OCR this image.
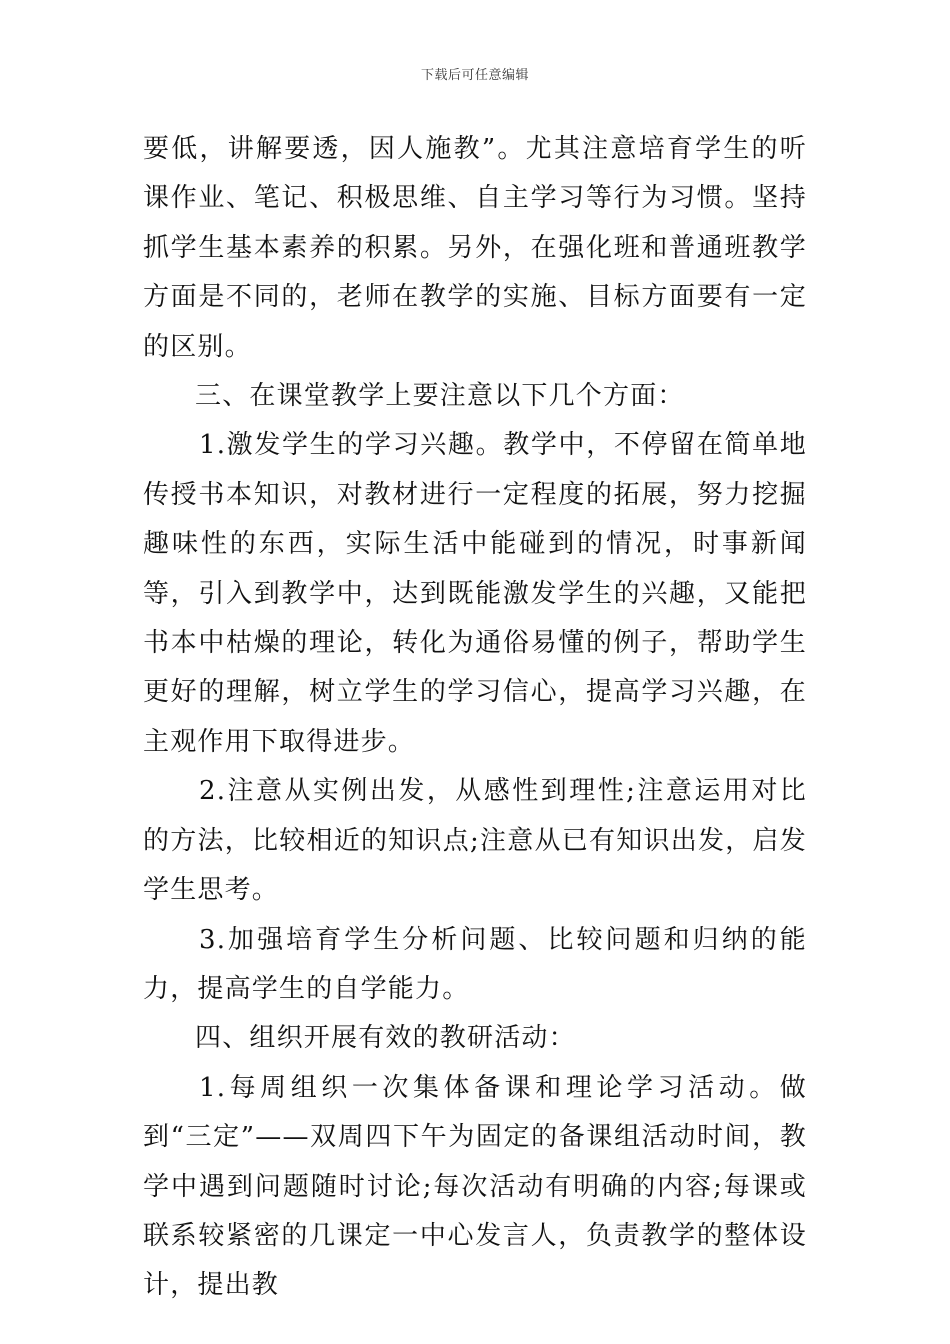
下载后可任意编辑

要低，讲解要透，因人施教”。尤其注意培育学生的听课作业、笔记、积极思维、自主学习等行为习惯。坚持抓学生基本素养的积累。另外，在强化班和普通班教学方面是不同的，老师在教学的实施、目标方面要有一定的区别。

三、在课堂教学上要注意以下几个方面：

1.激发学生的学习兴趣。教学中，不停留在简单地传授书本知识，对教材进行一定程度的拓展，努力挖掘趣味性的东西，实际生活中能碰到的情况，时事新闻等，引入到教学中，达到既能激发学生的兴趣，又能把书本中枯燥的理论，转化为通俗易懂的例子，帮助学生更好的理解，树立学生的学习信心，提高学习兴趣，在主观作用下取得进步。

2.注意从实例出发，从感性到理性;注意运用对比的方法，比较相近的知识点;注意从已有知识出发，启发学生思考。

3.加强培育学生分析问题、比较问题和归纳的能力，提高学生的自学能力。

四、组织开展有效的教研活动：

1.每周组织一次集体备课和理论学习活动。做到“三定”——双周四下午为固定的备课组活动时间，教学中遇到问题随时讨论;每次活动有明确的内容;每课或联系较紧密的几课定一中心发言人，负责教学的整体设计，提出教
